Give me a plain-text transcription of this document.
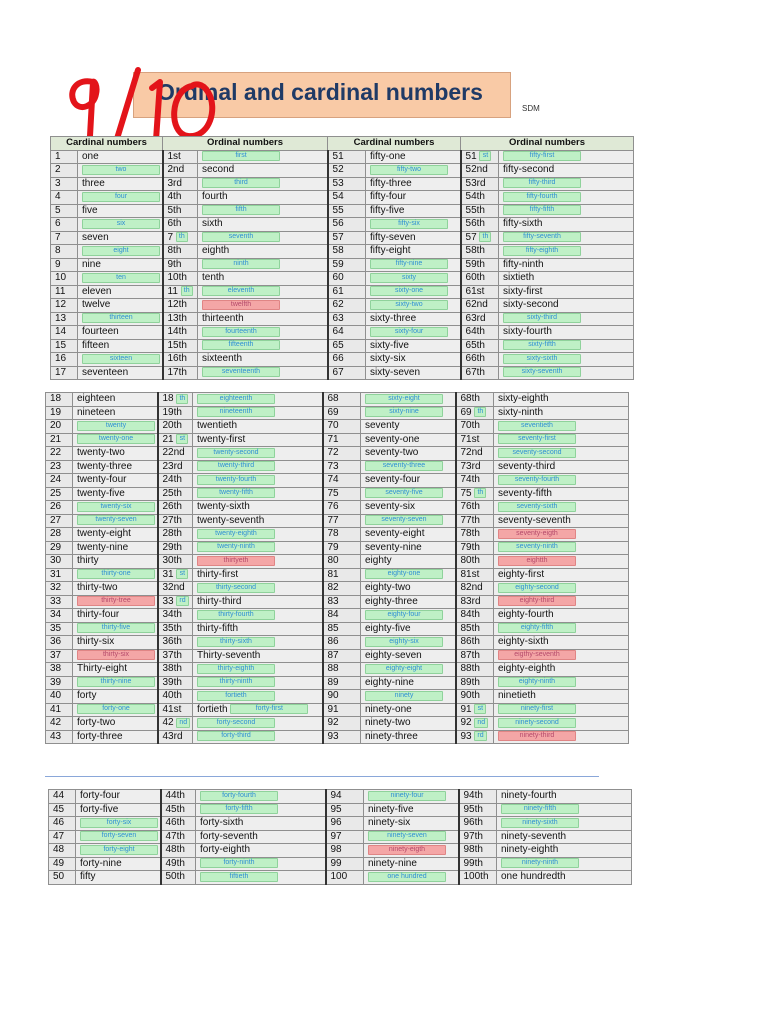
Ordinal and cardinal numbers
SDM
Cardinal numbers		Ordinal numbers		Cardinal numbers		Ordinal numbers	
1	one	1st	first	51	fifty-one	51 st	fifty-first
2	two	2nd	second	52	fifty-two	52nd	fifty-second
3	three	3rd	third	53	fifty-three	53rd	fifty-third
4	four	4th	fourth	54	fifty-four	54th	fifty-fourth
5	five	5th	fifth	55	fifty-five	55th	fifty-fifth
6	six	6th	sixth	56	fifty-six	56th	fifty-sixth
7	seven	7 th	seventh	57	fifty-seven	57 th	fifty-seventh
8	eight	8th	eighth	58	fifty-eight	58th	fifty-eighth
9	nine	9th	ninth	59	fifty-nine	59th	fifty-ninth
10	ten	10th	tenth	60	sixty	60th	sixtieth
11	eleven	11 th	eleventh	61	sixty-one	61st	sixty-first
12	twelve	12th	twelfth	62	sixty-two	62nd	sixty-second
13	thirteen	13th	thirteenth	63	sixty-three	63rd	sixty-third
14	fourteen	14th	fourteenth	64	sixty-four	64th	sixty-fourth
15	fifteen	15th	fifteenth	65	sixty-five	65th	sixty-fifth
16	sixteen	16th	sixteenth	66	sixty-six	66th	sixty-sixth
17	seventeen	17th	seventeenth	67	sixty-seven	67th	sixty-seventh
18	eighteen	18 th	eighteenth	68	sixty-eight	68th	sixty-eighth
19	nineteen	19th	nineteenth	69	sixty-nine	69 th	sixty-ninth
20	twenty	20th	twentieth	70	seventy	70th	seventieth
21	twenty-one	21 st	twenty-first	71	seventy-one	71st	seventy-first
22	twenty-two	22nd	twenty-second	72	seventy-two	72nd	seventy-second
23	twenty-three	23rd	twenty-third	73	seventy-three	73rd	seventy-third
24	twenty-four	24th	twenty-fourth	74	seventy-four	74th	seventy-fourth
25	twenty-five	25th	twenty-fifth	75	seventy-five	75 th	seventy-fifth
26	twenty-six	26th	twenty-sixth	76	seventy-six	76th	seventy-sixth
27	twenty-seven	27th	twenty-seventh	77	seventy-seven	77th	seventy-seventh
28	twenty-eight	28th	twenty-eighth	78	seventy-eight	78th	seventy-eigth
29	twenty-nine	29th	twenty-ninth	79	seventy-nine	79th	seventy-ninth
30	thirty	30th	thirtyeth	80	eighty	80th	eightth
31	thirty-one	31 st	thirty-first	81	eighty-one	81st	eighty-first
32	thirty-two	32nd	thirty-second	82	eighty-two	82nd	eighty-second
33	thirty-tree	33 rd	thirty-third	83	eighty-three	83rd	eighty-third
34	thirty-four	34th	thirty-fourth	84	eighty-four	84th	eighty-fourth
35	thirty-five	35th	thirty-fifth	85	eighty-five	85th	eighty-fifth
36	thirty-six	36th	thirty-sixth	86	eighty-six	86th	eighty-sixth
37	thirty-six	37th	Thirty-seventh	87	eighty-seven	87th	eigthy-seventh
38	Thirty-eight	38th	thirty-eighth	88	eighty-eight	88th	eighty-eighth
39	thirty-nine	39th	thirty-ninth	89	eighty-nine	89th	eighty-ninth
40	forty	40th	fortieth	90	ninety	90th	ninetieth
41	forty-one	41st	fortieth forty-first	91	ninety-one	91 st	ninety-first
42	forty-two	42 nd	forty-second	92	ninety-two	92 nd	ninety-second
43	forty-three	43rd	forty-third	93	ninety-three	93 rd	ninety-third
44	forty-four	44th	forty-fourth	94	ninety-four	94th	ninety-fourth
45	forty-five	45th	forty-fifth	95	ninety-five	95th	ninety-fifth
46	forty-six	46th	forty-sixth	96	ninety-six	96th	ninety-sixth
47	forty-seven	47th	forty-seventh	97	ninety-seven	97th	ninety-seventh
48	forty-eight	48th	forty-eighth	98	ninety-eigth	98th	ninety-eighth
49	forty-nine	49th	forty-ninth	99	ninety-nine	99th	ninety-ninth
50	fifty	50th	fiftieth	100	one hundred	100th	one hundredth
